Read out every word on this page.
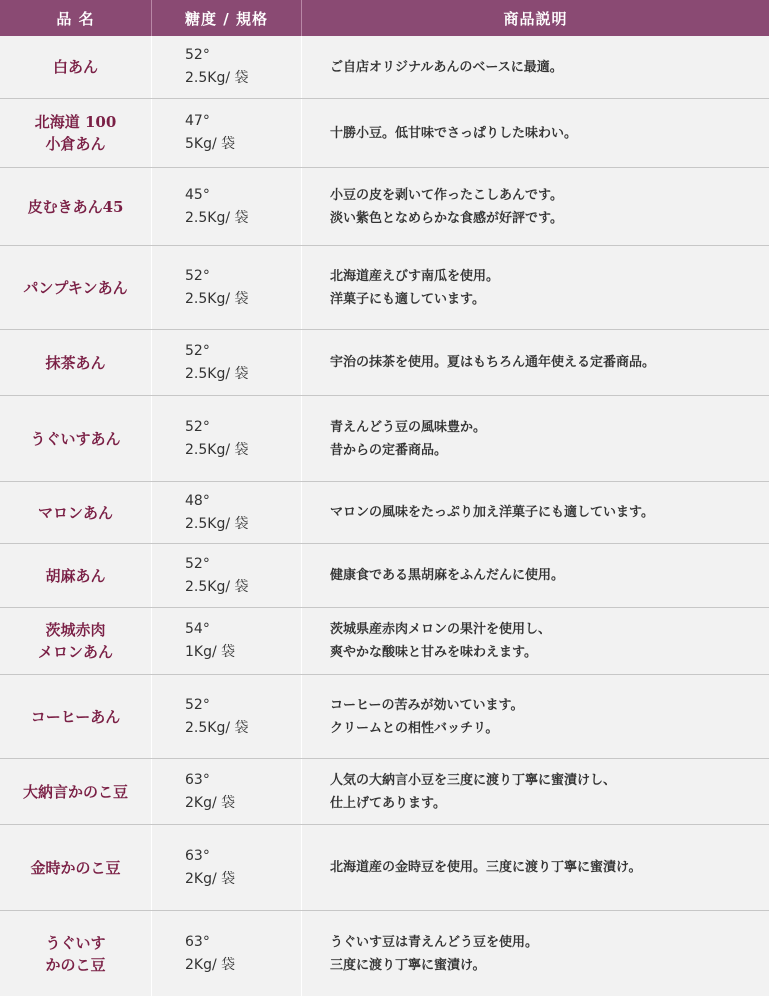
品 名	糖度 / 規格	商品説明
白あん
52°
2.5Kg/ 袋
ご自店オリジナルあんのベースに最適。
北海道 100
小倉あん
47°
5Kg/ 袋
十勝小豆。低甘味でさっぱりした味わい。
皮むきあん45
45°
2.5Kg/ 袋
小豆の皮を剥いて作ったこしあんです。
淡い紫色となめらかな食感が好評です。
パンプキンあん
52°
2.5Kg/ 袋
北海道産えびす南瓜を使用。
洋菓子にも適しています。
抹茶あん
52°
2.5Kg/ 袋
宇治の抹茶を使用。夏はもちろん通年使える定番商品。
うぐいすあん
52°
2.5Kg/ 袋
青えんどう豆の風味豊か。
昔からの定番商品。
マロンあん
48°
2.5Kg/ 袋
マロンの風味をたっぷり加え洋菓子にも適しています。
胡麻あん
52°
2.5Kg/ 袋
健康食である黒胡麻をふんだんに使用。
茨城赤肉
メロンあん
54°
1Kg/ 袋
茨城県産赤肉メロンの果汁を使用し、
爽やかな酸味と甘みを味わえます。
コーヒーあん
52°
2.5Kg/ 袋
コーヒーの苦みが効いています。
クリームとの相性バッチリ。
大納言かのこ豆
63°
2Kg/ 袋
人気の大納言小豆を三度に渡り丁寧に蜜漬けし、
仕上げてあります。
金時かのこ豆
63°
2Kg/ 袋
北海道産の金時豆を使用。三度に渡り丁寧に蜜漬け。
うぐいす
かのこ豆
63°
2Kg/ 袋
うぐいす豆は青えんどう豆を使用。
三度に渡り丁寧に蜜漬け。
